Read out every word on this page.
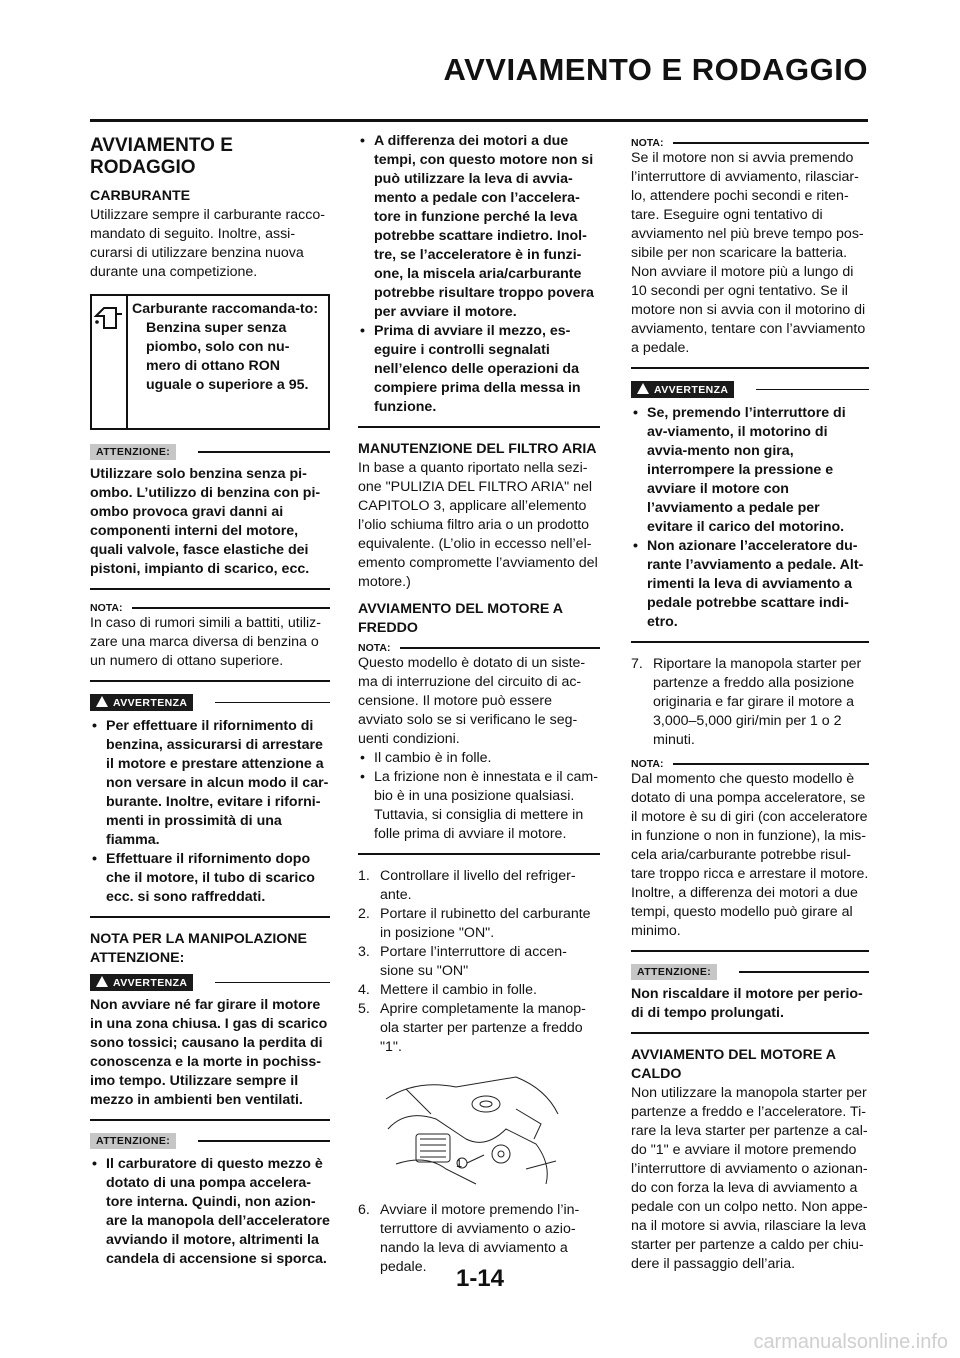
AVVIAMENTO E RODAGGIO
AVVIAMENTO E RODAGGIO
CARBURANTE

Utilizzare sempre il carburante racco-mandato di seguito. Inoltre, assi-curarsi di utilizzare benzina nuova durante una competizione.

Carburante raccomanda-to:

Benzina super senza piombo, solo con nu-mero di ottano RON uguale o superiore a 95.

ATTENZIONE:

Utilizzare solo benzina senza pi-ombo. L’utilizzo di benzina con pi-ombo provoca gravi danni ai componenti interni del motore, quali valvole, fasce elastiche dei pistoni, impianto di scarico, ecc.

NOTA:

In caso di rumori simili a battiti, utiliz-zare una marca diversa di benzina o un numero di ottano superiore.

AVVERTENZA
• Per effettuare il rifornimento di benzina, assicurarsi di arrestare il motore e prestare attenzione a non versare in alcun modo il car-burante. Inoltre, evitare i riforni-menti in prossimità di una fiamma.
• Effettuare il rifornimento dopo che il motore, il tubo di scarico ecc. si sono raffreddati.
NOTA PER LA MANIPOLAZIONE ATTENZIONE:
AVVERTENZA

Non avviare né far girare il motore in una zona chiusa. I gas di scarico sono tossici; causano la perdita di conoscenza e la morte in pochiss-imo tempo. Utilizzare sempre il mezzo in ambienti ben ventilati.

ATTENZIONE:
• Il carburatore di questo mezzo è dotato di una pompa accelera-tore interna. Quindi, non azion-are la manopola dell’acceleratore avviando il motore, altrimenti la candela di accensione si sporca.
• A differenza dei motori a due tempi, con questo motore non si può utilizzare la leva di avvia-mento a pedale con l’accelera-tore in funzione perché la leva potrebbe scattare indietro. Inol-tre, se l’acceleratore è in funzi-one, la miscela aria/carburante potrebbe risultare troppo povera per avviare il motore.
• Prima di avviare il mezzo, es-eguire i controlli segnalati nell’elenco delle operazioni da compiere prima della messa in funzione.
MANUTENZIONE DEL FILTRO ARIA

In base a quanto riportato nella sezi-one "PULIZIA DEL FILTRO ARIA" nel CAPITOLO 3, applicare all’elemento l’olio schiuma filtro aria o un prodotto equivalente. (L’olio in eccesso nell’el-emento compromette l’avviamento del motore.)

AVVIAMENTO DEL MOTORE A FREDDO
NOTA:

Questo modello è dotato di un siste-ma di interruzione del circuito di ac-censione. Il motore può essere avviato solo se si verificano le seg-uenti condizioni.

• Il cambio è in folle.
• La frizione non è innestata e il cam-bio è in una posizione qualsiasi. Tuttavia, si consiglia di mettere in folle prima di avviare il motore.
1. Controllare il livello del refriger-ante.
2. Portare il rubinetto del carburante in posizione "ON".
3. Portare l’interruttore di accen-sione su "ON"
4. Mettere il cambio in folle.
5. Aprire completamente la manop-ola starter per partenze a freddo "1".
1
6. Avviare il motore premendo l’in-terruttore di avviamento o azio-nando la leva di avviamento a pedale.
NOTA:

Se il motore non si avvia premendo l’interruttore di avviamento, rilasciar-lo, attendere pochi secondi e riten-tare. Eseguire ogni tentativo di avviamento nel più breve tempo pos-sibile per non scaricare la batteria. Non avviare il motore più a lungo di 10 secondi per ogni tentativo. Se il motore non si avvia con il motorino di avviamento, tentare con l’avviamento a pedale.

AVVERTENZA
• Se, premendo l’interruttore di av-viamento, il motorino di avvia-mento non gira, interrompere la pressione e avviare il motore con l’avviamento a pedale per evitare il carico del motorino.
• Non azionare l’acceleratore du-rante l’avviamento a pedale. Alt-rimenti la leva di avviamento a pedale potrebbe scattare indi-etro.
7. Riportare la manopola starter per partenze a freddo alla posizione originaria e far girare il motore a 3,000–5,000 giri/min per 1 o 2 minuti.
NOTA:

Dal momento che questo modello è dotato di una pompa acceleratore, se il motore è su di giri (con acceleratore in funzione o non in funzione), la mis-cela aria/carburante potrebbe risul-tare troppo ricca e arrestare il motore. Inoltre, a differenza dei motori a due tempi, questo modello può girare al minimo.

ATTENZIONE:

Non riscaldare il motore per perio-di di tempo prolungati.

AVVIAMENTO DEL MOTORE A CALDO

Non utilizzare la manopola starter per partenze a freddo e l’acceleratore. Ti-rare la leva starter per partenze a cal-do "1" e avviare il motore premendo l’interruttore di avviamento o azionan-do con forza la leva di avviamento a pedale con un colpo netto. Non appe-na il motore si avvia, rilasciare la leva starter per partenze a caldo per chiu-dere il passaggio dell’aria.

1-14
carmanualsonline.info
